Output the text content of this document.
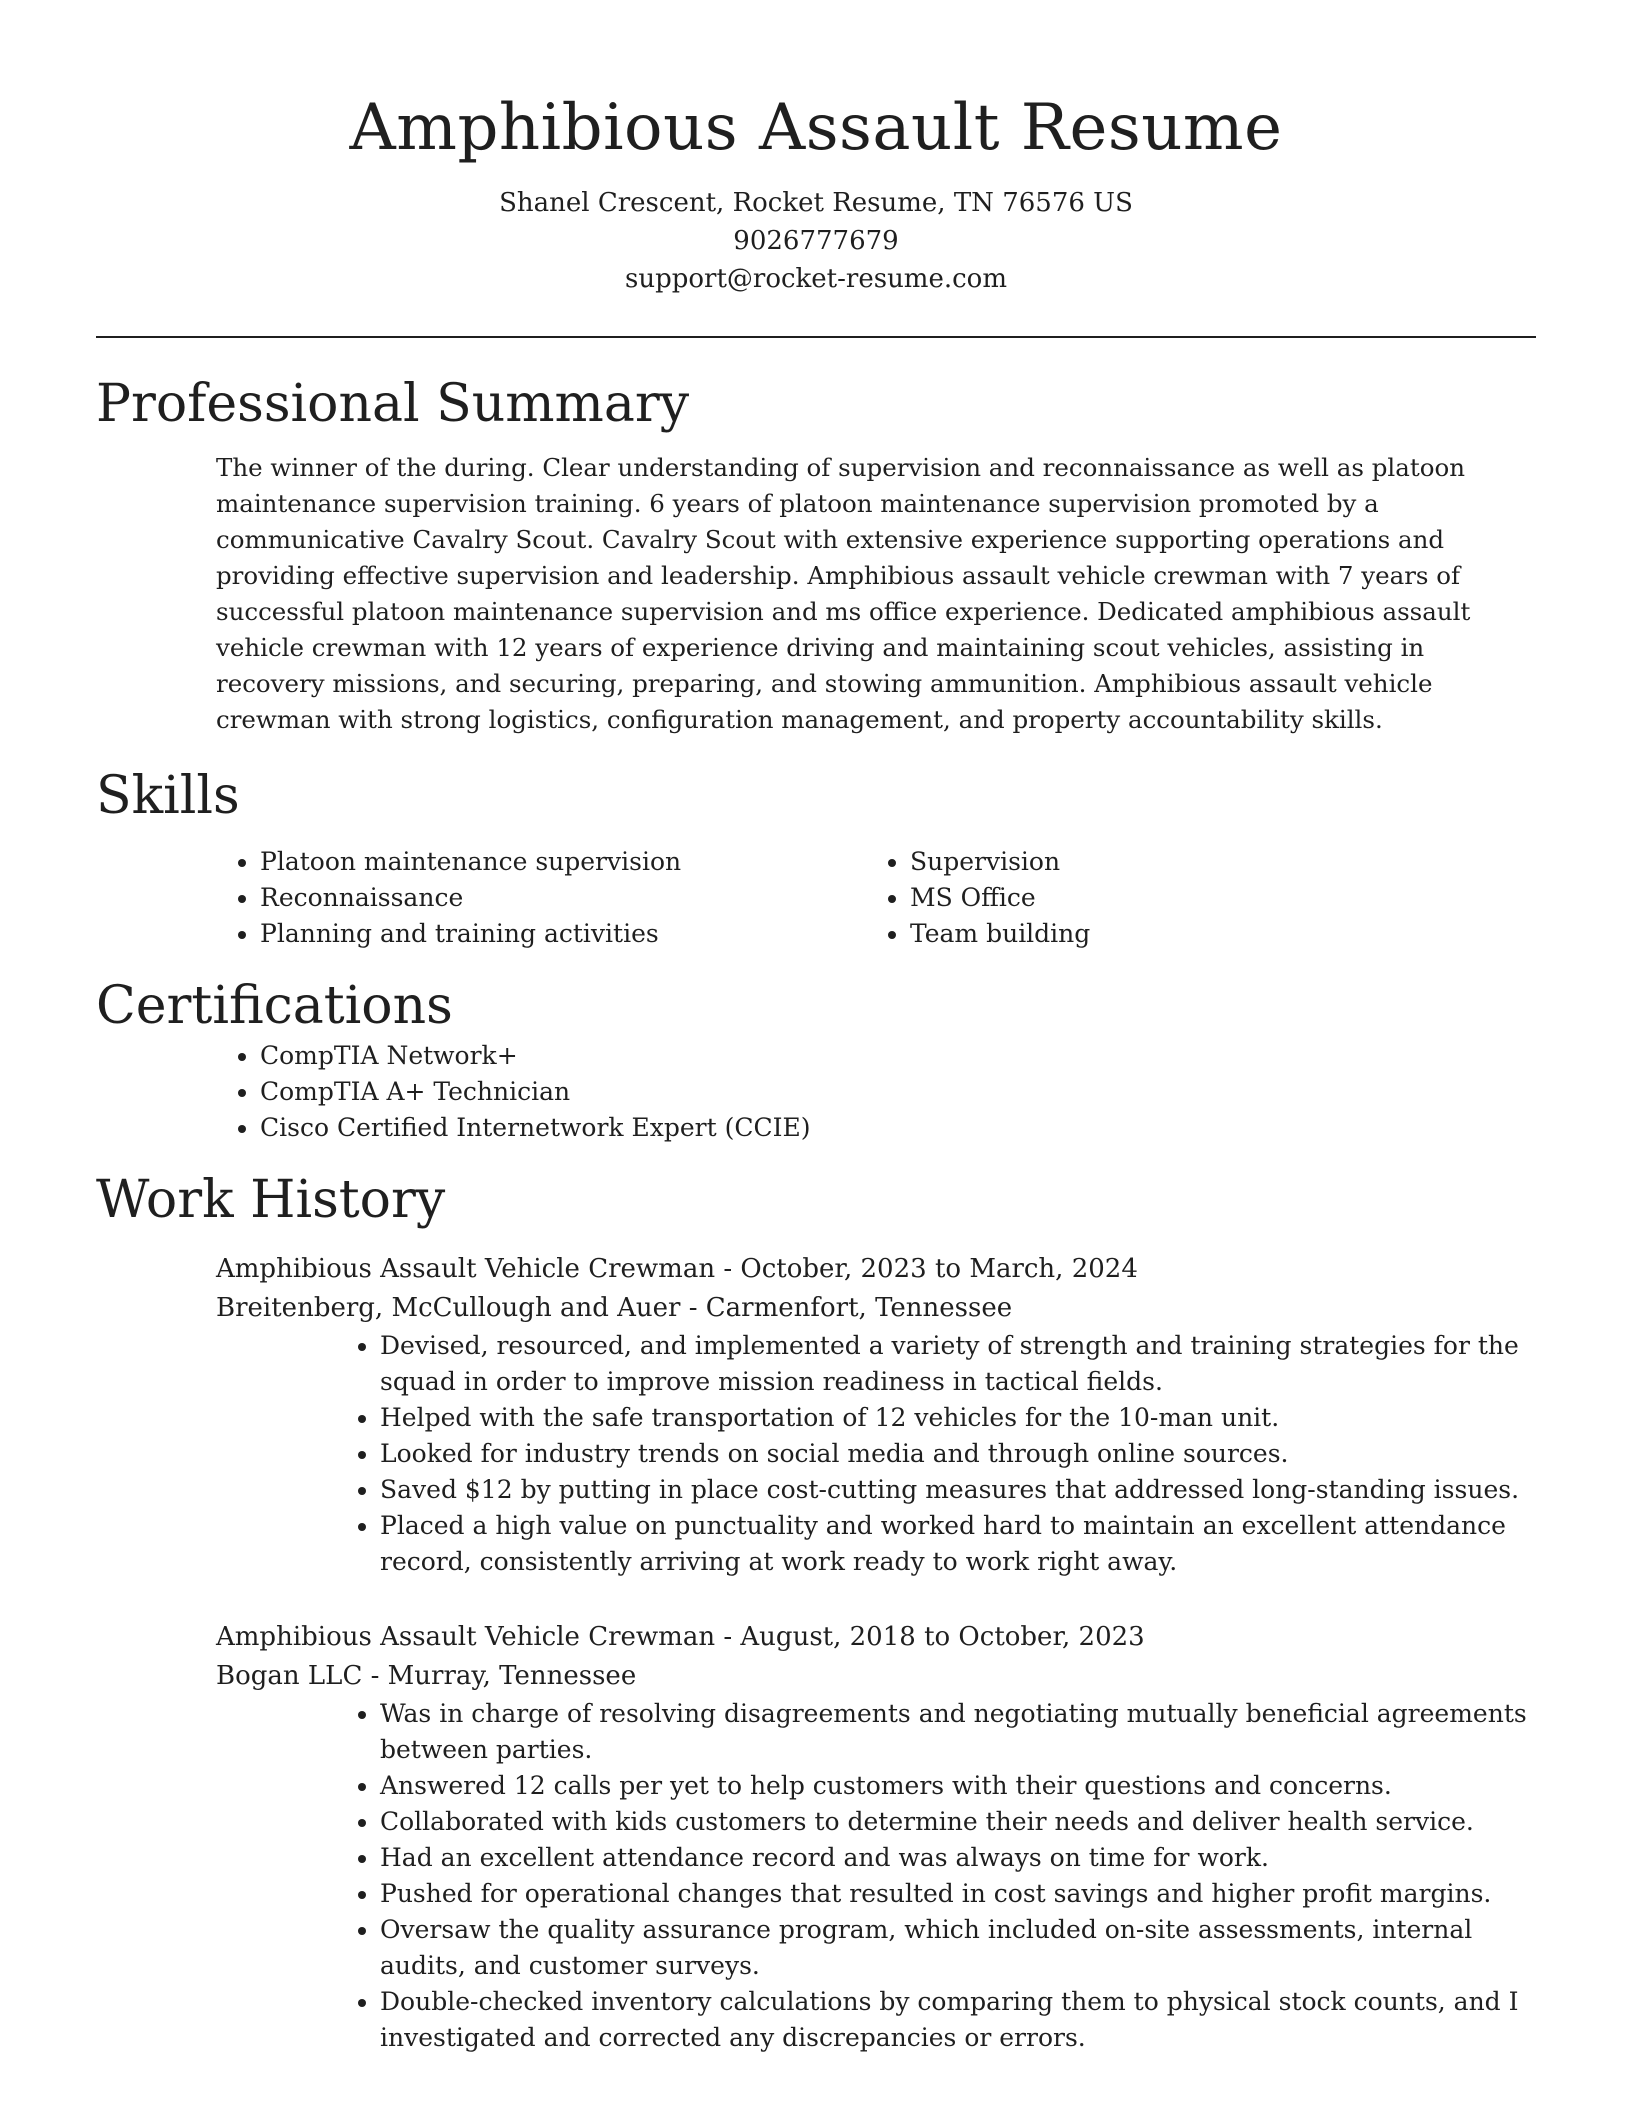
Amphibious Assault Resume

Shanel Crescent, Rocket Resume, TN 76576 US

9026777679

support@rocket-resume.com

Professional Summary

The winner of the during. Clear understanding of supervision and reconnaissance as well as platoon maintenance supervision training. 6 years of platoon maintenance supervision promoted by a communicative Cavalry Scout. Cavalry Scout with extensive experience supporting operations and providing effective supervision and leadership. Amphibious assault vehicle crewman with 7 years of successful platoon maintenance supervision and ms office experience. Dedicated amphibious assault vehicle crewman with 12 years of experience driving and maintaining scout vehicles, assisting in recovery missions, and securing, preparing, and stowing ammunition. Amphibious assault vehicle crewman with strong logistics, configuration management, and property accountability skills.

Skills
• Platoon maintenance supervision
• Reconnaissance
• Planning and training activities
• Supervision
• MS Office
• Team building
Certifications
• CompTIA Network+
• CompTIA A+ Technician
• Cisco Certified Internetwork Expert (CCIE)
Work History

Amphibious Assault Vehicle Crewman - October, 2023 to March, 2024

Breitenberg, McCullough and Auer - Carmenfort, Tennessee

• Devised, resourced, and implemented a variety of strength and training strategies for the squad in order to improve mission readiness in tactical fields.
• Helped with the safe transportation of 12 vehicles for the 10-man unit.
• Looked for industry trends on social media and through online sources.
• Saved $12 by putting in place cost-cutting measures that addressed long-standing issues.
• Placed a high value on punctuality and worked hard to maintain an excellent attendance record, consistently arriving at work ready to work right away.

Amphibious Assault Vehicle Crewman - August, 2018 to October, 2023

Bogan LLC - Murray, Tennessee

• Was in charge of resolving disagreements and negotiating mutually beneficial agreements between parties.
• Answered 12 calls per yet to help customers with their questions and concerns.
• Collaborated with kids customers to determine their needs and deliver health service.
• Had an excellent attendance record and was always on time for work.
• Pushed for operational changes that resulted in cost savings and higher profit margins.
• Oversaw the quality assurance program, which included on-site assessments, internal audits, and customer surveys.
• Double-checked inventory calculations by comparing them to physical stock counts, and I investigated and corrected any discrepancies or errors.
